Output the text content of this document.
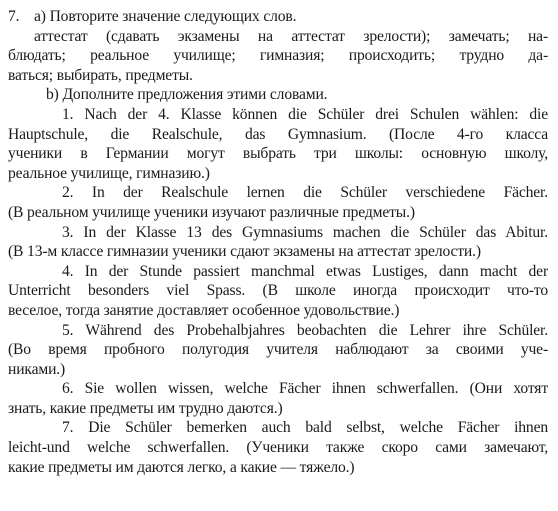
7. а) Повторите значение следующих слов.
аттестат (сдавать экзамены на аттестат зрелости); замечать; на-
блюдать; реальное училище; гимназия; происходить; трудно да-
ваться; выбирать, предметы.
b) Дополните предложения этими словами.
1. Nach der 4. Klasse können die Schüler drei Schulen wählen: die
Hauptschule, die Realschule, das Gymnasium. (После 4-го класса
ученики в Германии могут выбрать три школы: основную школу,
реальное училище, гимназию.)
2. In der Realschule lernen die Schüler verschiedene Fächer.
(В реальном училище ученики изучают различные предметы.)
3. In der Klasse 13 des Gymnasiums machen die Schüler das Abitur.
(В 13-м классе гимназии ученики сдают экзамены на аттестат зрелости.)
4. In der Stunde passiert manchmal etwas Lustiges, dann macht der
Unterricht besonders viel Spass. (В школе иногда происходит что-то
веселое, тогда занятие доставляет особенное удовольствие.)
5. Während des Probehalbjahres beobachten die Lehrer ihre Schüler.
(Во время пробного полугодия учителя наблюдают за своими уче-
никами.)
6. Sie wollen wissen, welche Fächer ihnen schwerfallen. (Они хотят
знать, какие предметы им трудно даются.)
7. Die Schüler bemerken auch bald selbst, welche Fächer ihnen
leicht-und welche schwerfallen. (Ученики также скоро сами замечают,
какие предметы им даются легко, а какие — тяжело.)
